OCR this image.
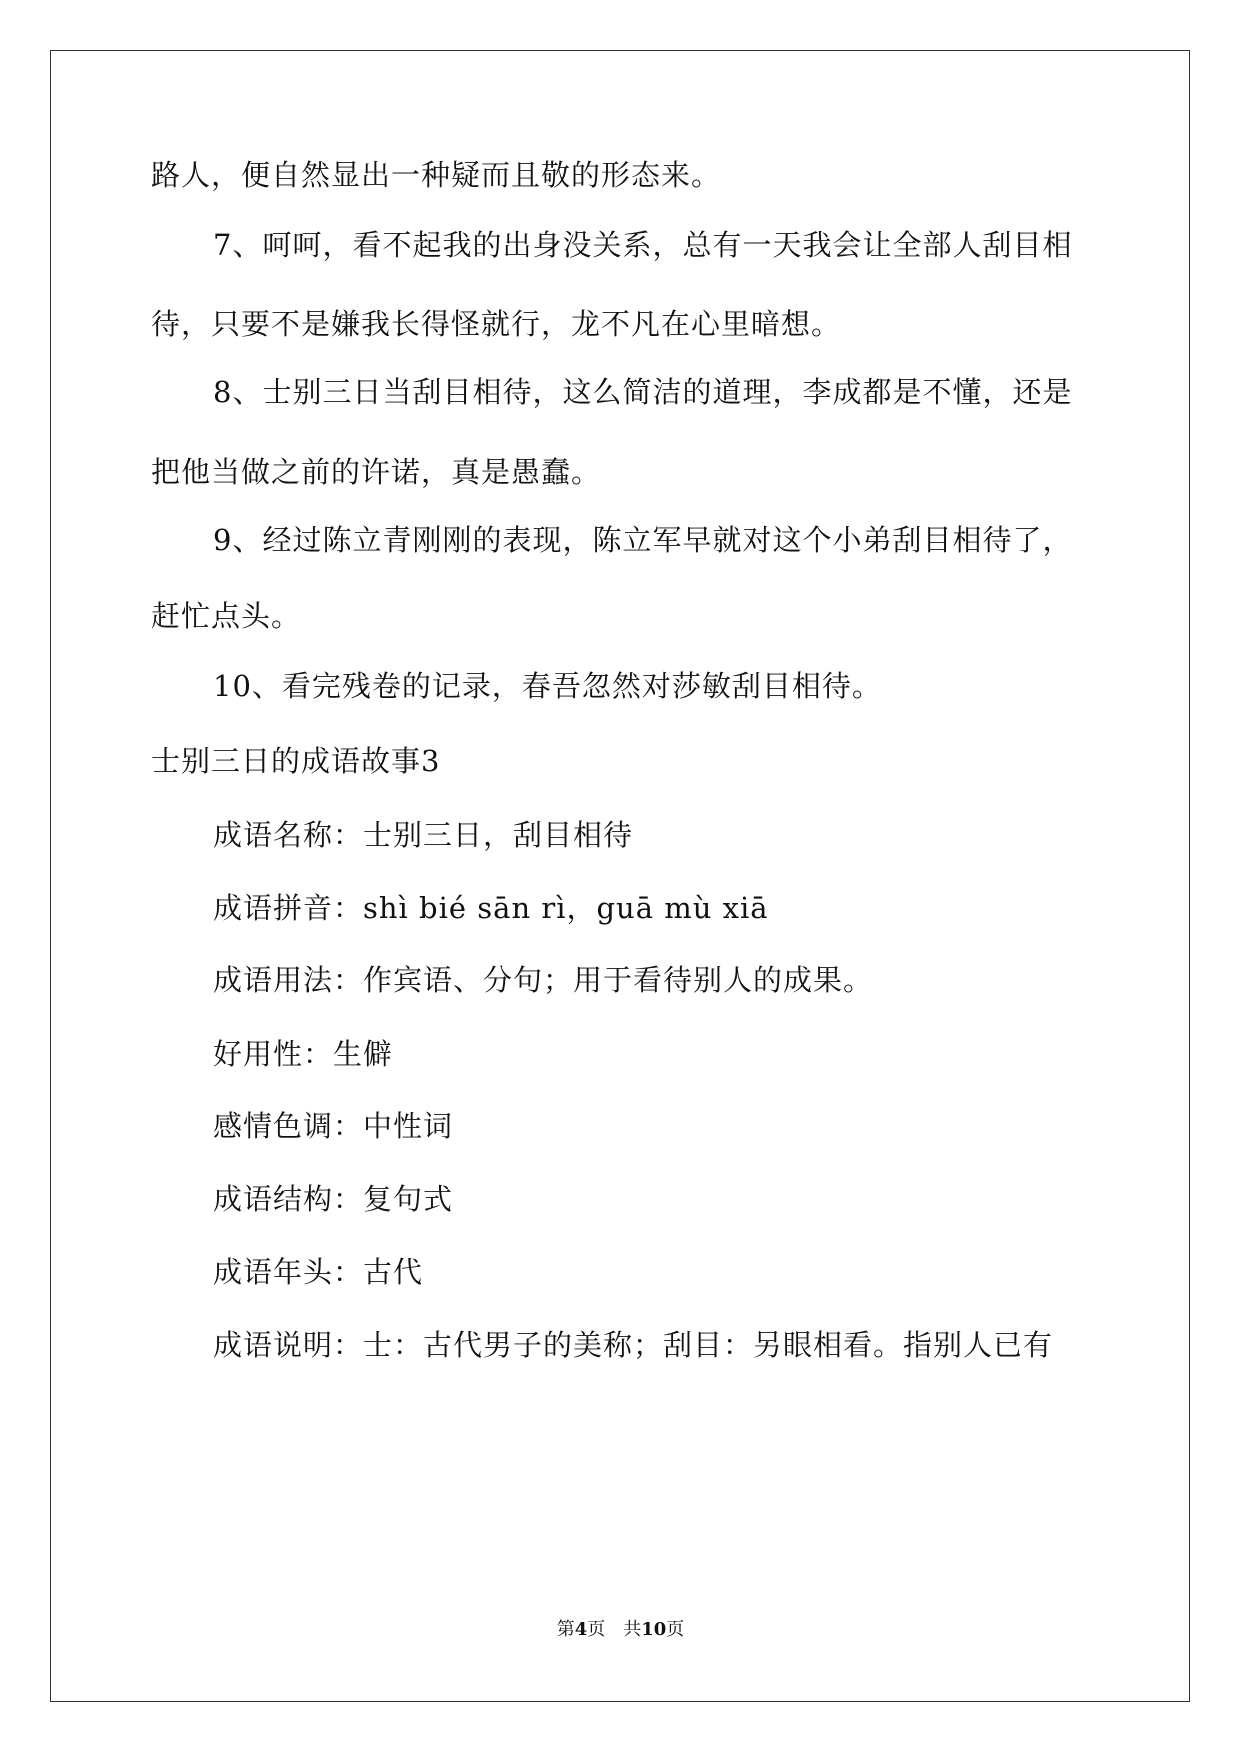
路人，便自然显出一种疑而且敬的形态来。
7、呵呵，看不起我的出身没关系，总有一天我会让全部人刮目相
待，只要不是嫌我长得怪就行，龙不凡在心里暗想。
8、士别三日当刮目相待，这么简洁的道理，李成都是不懂，还是
把他当做之前的许诺，真是愚蠢。
9、经过陈立青刚刚的表现，陈立军早就对这个小弟刮目相待了，
赶忙点头。
10、看完残卷的记录，春吾忽然对莎敏刮目相待。
士别三日的成语故事3
成语名称：士别三日，刮目相待
成语拼音：shì bié sān rì，guā mù xiā
成语用法：作宾语、分句；用于看待别人的成果。
好用性：生僻
感情色调：中性词
成语结构：复句式
成语年头：古代
成语说明：士：古代男子的美称；刮目：另眼相看。指别人已有
第4页 共10页
